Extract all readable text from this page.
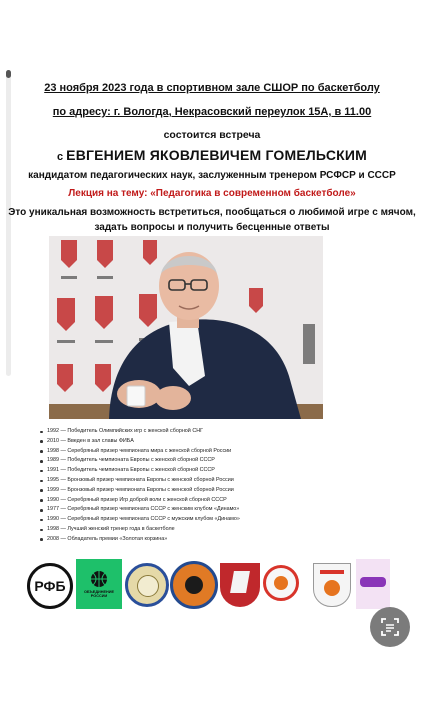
23 ноября 2023 года в спортивном зале СШОР по баскетболу
по адресу: г. Вологда, Некрасовский переулок 15А, в 11.00
состоится встреча
с ЕВГЕНИЕМ ЯКОВЛЕВИЧЕМ ГОМЕЛЬСКИМ
кандидатом педагогических наук, заслуженным тренером РСФСР и СССР
Лекция на тему: «Педагогика в современном баскетболе»
Это уникальная возможность встретиться, пообщаться о любимой игре с мячом,
задать вопросы и получить бесценные ответы
1992 — Победитель Олимпийских игр с женской сборной СНГ
2010 — Введен в зал славы ФИБА
1998 — Серебряный призер чемпионата мира с женской сборной России
1989 — Победитель чемпионата Европы с женской сборной СССР
1991 — Победитель чемпионата Европы с женской сборной СССР
1995 — Бронзовый призер чемпионата Европы с женской сборной России
1999 — Бронзовый призер чемпионата Европы с женской сборной России
1990 — Серебряный призер Игр доброй воли с женской сборной СССР
1977 — Серебряный призер чемпионата СССР с женским клубом «Динамо»
1990 — Серебряный призер чемпионата СССР с мужским клубом «Динамо»
1998 — Лучший женский тренер года в баскетболе
2008 — Обладатель премии «Золотая корзина»
РФБ	ОБЪЕДИНЕНИЕ РОССИИ
